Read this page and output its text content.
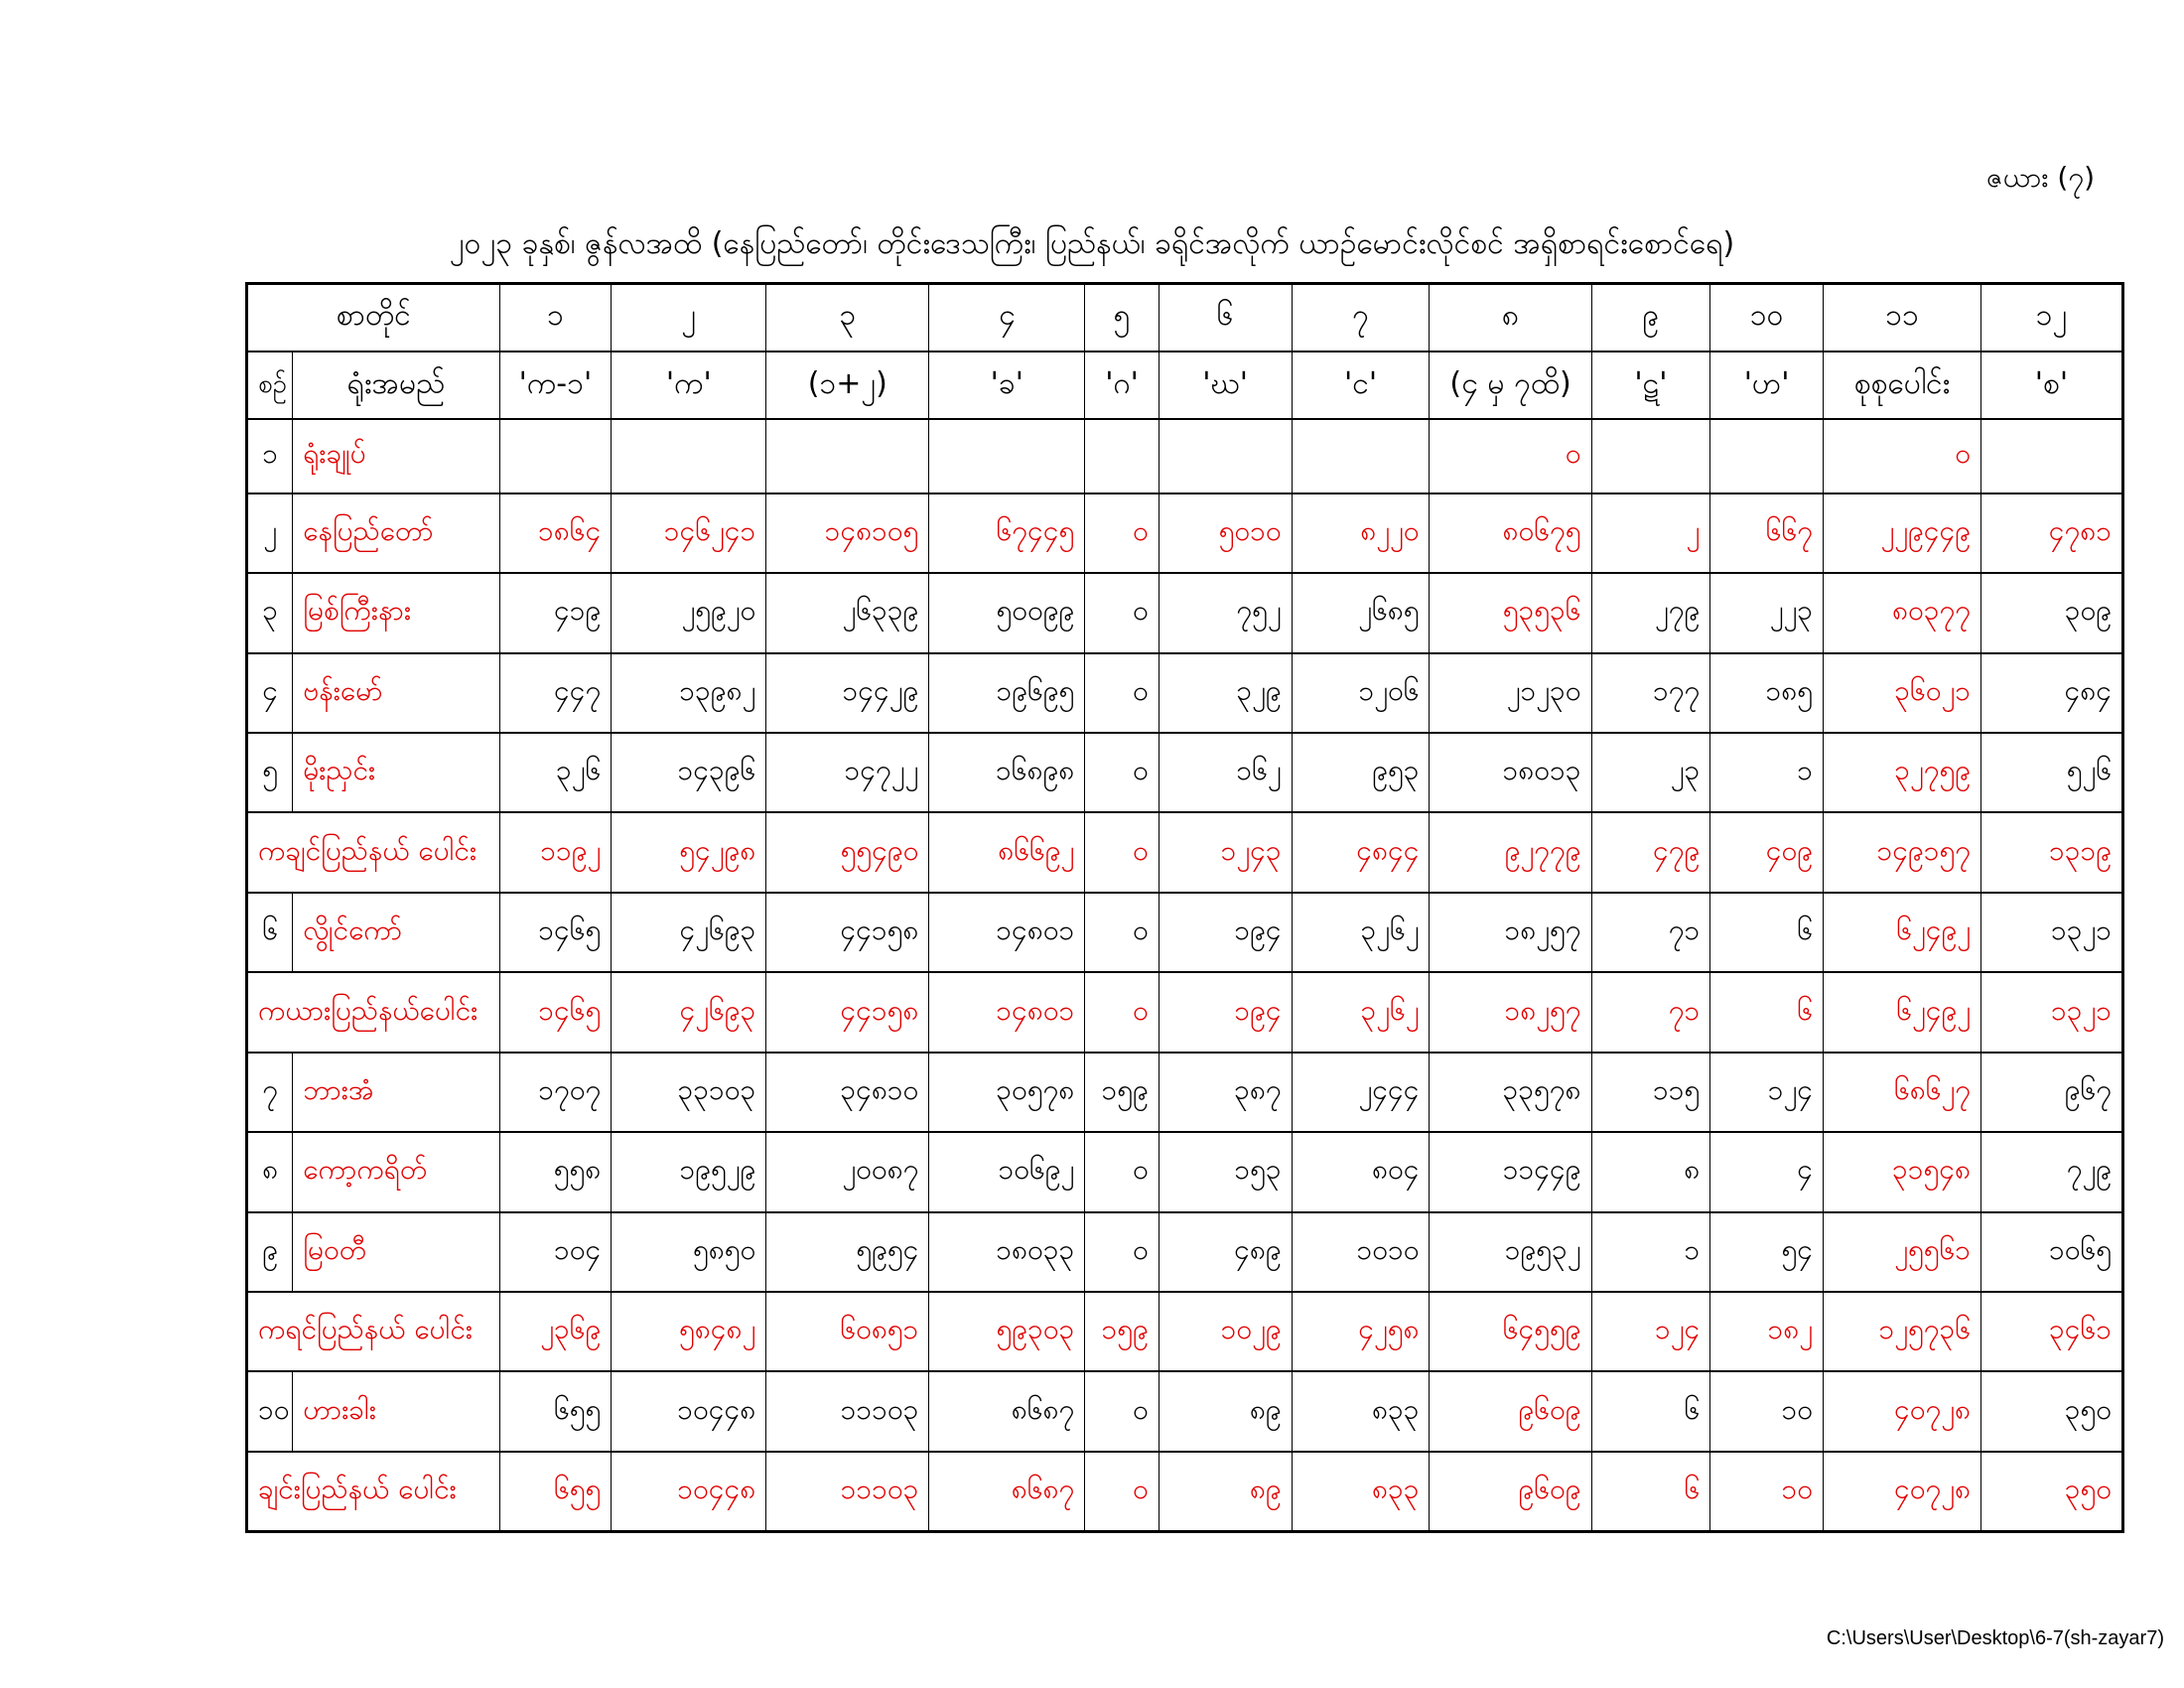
ဇယား (၇)
၂၀၂၃ ခုနှစ်၊ ဇွန်လအထိ (နေပြည်တော်၊ တိုင်းဒေသကြီး၊ ပြည်နယ်၊ ခရိုင်အလိုက် ယာဉ်မောင်းလိုင်စင် အရှိစာရင်းစောင်ရေ)
စာတိုင်		၁	၂	၃	၄	၅	၆	၇	၈	၉	၁၀	၁၁	၁၂
စဉ်	ရုံးအမည်	'က-၁'	'က'	(၁+၂)	'ခ'	'ဂ'	'ဃ'	'င'	(၄ မှ ၇ထိ)	'ဋ'	'ဟ'	စုစုပေါင်း	'စ'
၁	ရုံးချုပ်								၀			၀	
၂	နေပြည်တော်	၁၈၆၄	၁၄၆၂၄၁	၁၄၈၁၀၅	၆၇၄၄၅	၀	၅၀၁၀	၈၂၂၀	၈၀၆၇၅	၂	၆၆၇	၂၂၉၄၄၉	၄၇၈၁
၃	မြစ်ကြီးနား	၄၁၉	၂၅၉၂၀	၂၆၃၃၉	၅၀၀၉၉	၀	၇၅၂	၂၆၈၅	၅၃၅၃၆	၂၇၉	၂၂၃	၈၀၃၇၇	၃၀၉
၄	ဗန်းမော်	၄၄၇	၁၃၉၈၂	၁၄၄၂၉	၁၉၆၉၅	၀	၃၂၉	၁၂၀၆	၂၁၂၃၀	၁၇၇	၁၈၅	၃၆၀၂၁	၄၈၄
၅	မိုးညှင်း	၃၂၆	၁၄၃၉၆	၁၄၇၂၂	၁၆၈၉၈	၀	၁၆၂	၉၅၃	၁၈၀၁၃	၂၃	၁	၃၂၇၅၉	၅၂၆
ကချင်ပြည်နယ် ပေါင်း		၁၁၉၂	၅၄၂၉၈	၅၅၄၉၀	၈၆၆၉၂	၀	၁၂၄၃	၄၈၄၄	၉၂၇၇၉	၄၇၉	၄၀၉	၁၄၉၁၅၇	၁၃၁၉
၆	လွိုင်ကော်	၁၄၆၅	၄၂၆၉၃	၄၄၁၅၈	၁၄၈၀၁	၀	၁၉၄	၃၂၆၂	၁၈၂၅၇	၇၁	၆	၆၂၄၉၂	၁၃၂၁
ကယားပြည်နယ်ပေါင်း		၁၄၆၅	၄၂၆၉၃	၄၄၁၅၈	၁၄၈၀၁	၀	၁၉၄	၃၂၆၂	၁၈၂၅၇	၇၁	၆	၆၂၄၉၂	၁၃၂၁
၇	ဘားအံ	၁၇၀၇	၃၃၁၀၃	၃၄၈၁၀	၃၀၅၇၈	၁၅၉	၃၈၇	၂၄၄၄	၃၃၅၇၈	၁၁၅	၁၂၄	၆၈၆၂၇	၉၆၇
၈	ကော့ကရိတ်	၅၅၈	၁၉၅၂၉	၂၀၀၈၇	၁၀၆၉၂	၀	၁၅၃	၈၀၄	၁၁၄၄၉	၈	၄	၃၁၅၄၈	၇၂၉
၉	မြဝတီ	၁၀၄	၅၈၅၀	၅၉၅၄	၁၈၀၃၃	၀	၄၈၉	၁၀၁၀	၁၉၅၃၂	၁	၅၄	၂၅၅၆၁	၁၀၆၅
ကရင်ပြည်နယ် ပေါင်း		၂၃၆၉	၅၈၄၈၂	၆၀၈၅၁	၅၉၃၀၃	၁၅၉	၁၀၂၉	၄၂၅၈	၆၄၅၅၉	၁၂၄	၁၈၂	၁၂၅၇၃၆	၃၄၆၁
၁၀	ဟားခါး	၆၅၅	၁၀၄၄၈	၁၁၁၀၃	၈၆၈၇	၀	၈၉	၈၃၃	၉၆၀၉	၆	၁၀	၄၀၇၂၈	၃၅၀
ချင်းပြည်နယ် ပေါင်း		၆၅၅	၁၀၄၄၈	၁၁၁၀၃	၈၆၈၇	၀	၈၉	၈၃၃	၉၆၀၉	၆	၁၀	၄၀၇၂၈	၃၅၀
C:\Users\User\Desktop\6-7(sh-zayar7)
